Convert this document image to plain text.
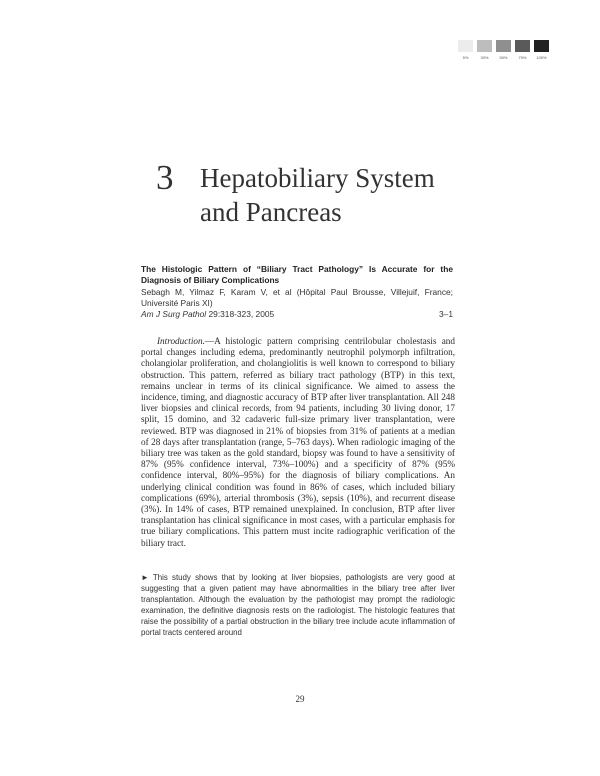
5%	30%	50%	70%	100%
3 Hepatobiliary System
and Pancreas
The Histologic Pattern of “Biliary Tract Pathology” Is Accurate for the Diagnosis of Biliary Complications
Sebagh M, Yilmaz F, Karam V, et al (Hôpital Paul Brousse, Villejuif, France; Université Paris XI)
Am J Surg Pathol 29:318-323, 2005	3–1
Introduction.—A histologic pattern comprising centrilobular cholestasis and portal changes including edema, predominantly neutrophil polymorph infiltration, cholangiolar proliferation, and cholangiolitis is well known to correspond to biliary obstruction. This pattern, referred as biliary tract pathology (BTP) in this text, remains unclear in terms of its clinical significance. We aimed to assess the incidence, timing, and diagnostic accuracy of BTP after liver transplantation. All 248 liver biopsies and clinical records, from 94 patients, including 30 living donor, 17 split, 15 domino, and 32 cadaveric full-size primary liver transplantation, were reviewed. BTP was diagnosed in 21% of biopsies from 31% of patients at a median of 28 days after transplantation (range, 5–763 days). When radiologic imaging of the biliary tree was taken as the gold standard, biopsy was found to have a sensitivity of 87% (95% confidence interval, 73%–100%) and a specificity of 87% (95% confidence interval, 80%–95%) for the diagnosis of biliary complications. An underlying clinical condition was found in 86% of cases, which included biliary complications (69%), arterial thrombosis (3%), sepsis (10%), and recurrent disease (3%). In 14% of cases, BTP remained unexplained. In conclusion, BTP after liver transplantation has clinical significance in most cases, with a particular emphasis for true biliary complications. This pattern must incite radiographic verification of the biliary tract.
► This study shows that by looking at liver biopsies, pathologists are very good at suggesting that a given patient may have abnormalities in the biliary tree after liver transplantation. Although the evaluation by the pathologist may prompt the radiologic examination, the definitive diagnosis rests on the radiologist. The histologic features that raise the possibility of a partial obstruction in the biliary tree include acute inflammation of portal tracts centered around
29
